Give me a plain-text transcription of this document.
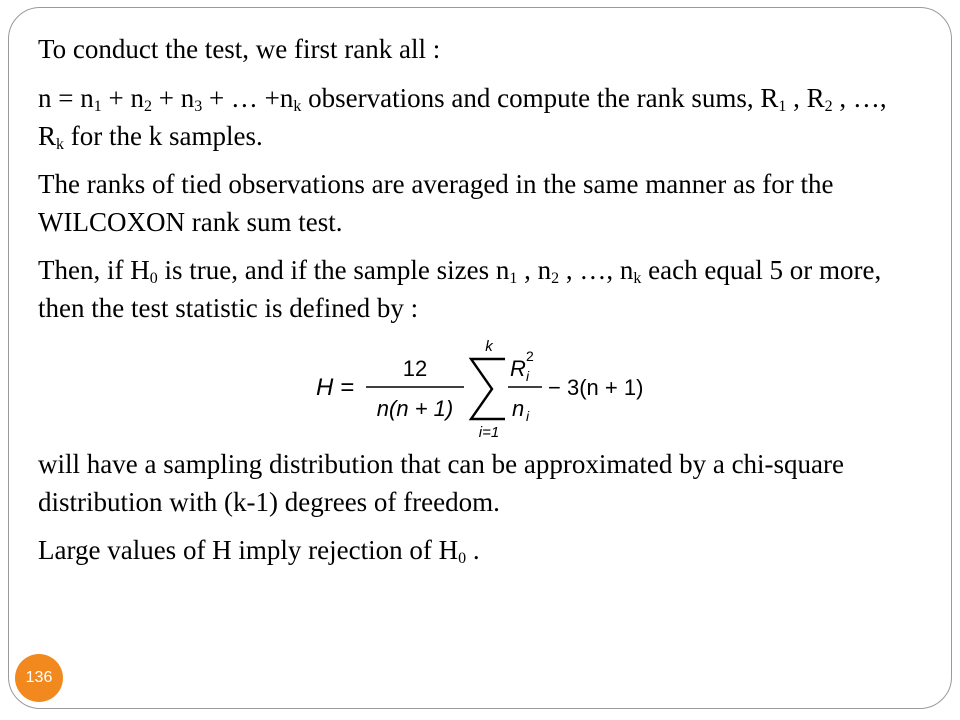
To conduct the test, we first rank all :

$n = n_1 + n_2 + n_3$ + … $+n_k$ observations and compute the rank sums, $R_1$ , $R_2$ , …, $R_k$ for the k samples.

The ranks of tied observations are averaged in the same manner as for the WILCOXON rank sum test.

Then, if $H_0$ is true, and if the sample sizes $n_1$ , $n_2$ , …, $n_k$ each equal 5 or more, then the test statistic is defined by :

H =
12
n(n + 1)
k
i=1
R 2
i
n i
− 3(n + 1)

will have a sampling distribution that can be approximated by a chi-square distribution with (k-1) degrees of freedom.

Large values of H imply rejection of $H_0$ .

136
